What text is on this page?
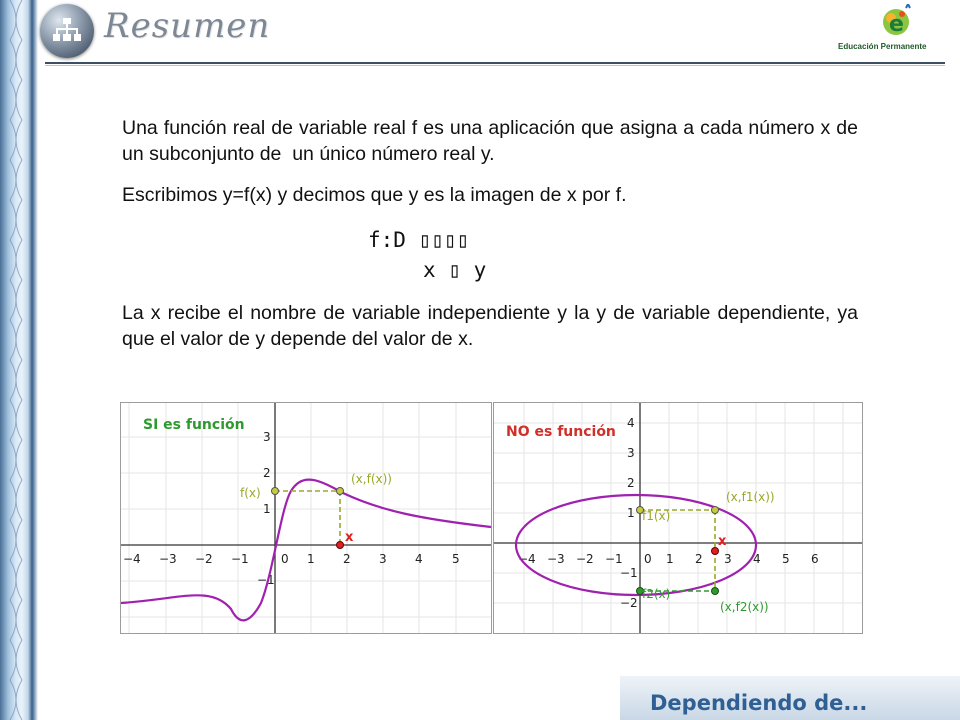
Resumen	e
Educación Permanente
Una función real de variable real f es una aplicación que asigna a cada número x de un subconjunto de  un único número real y.
Escribimos y=f(x) y decimos que y es la imagen de x por f.
f:D ▯▯▯▯
x ▯ y
La x recibe el nombre de variable independiente y la y de variable dependiente, ya que el valor de y depende del valor de x.
−4 −3 −2 −1	0 1 2 3 4 5
3
2
1
−1
SI es función
f(x)
(x,f(x))
x
−4 −3 −2 −1 0 1 2 3 4 5 6
4
3
2
1
−1
−2
NO es función
f1(x)
f2(x)
(x,f1(x))
(x,f2(x))
x
Dependiendo de...
